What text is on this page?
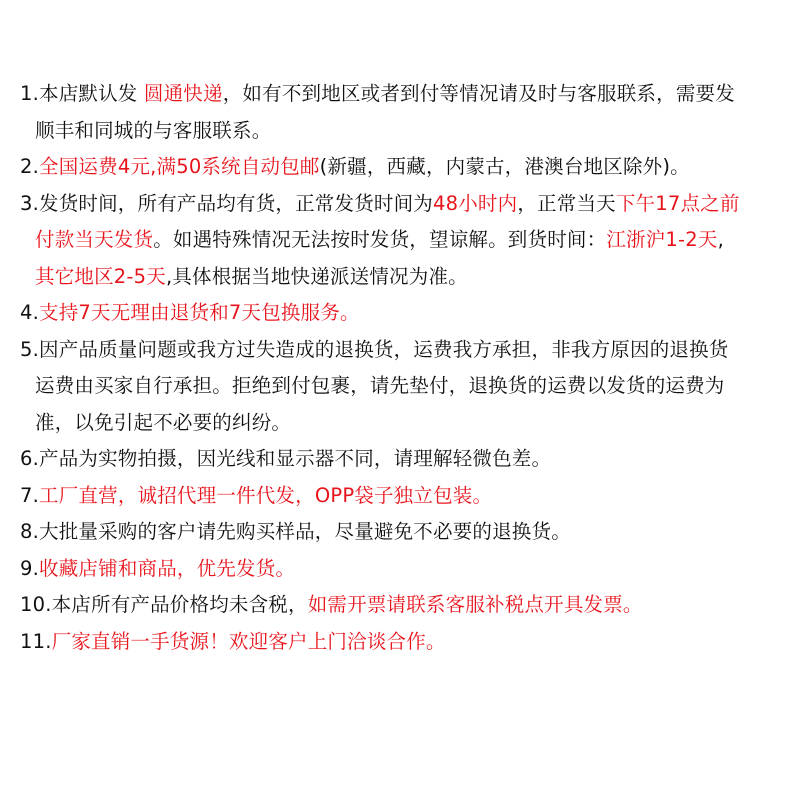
1.本店默认发 圆通快递，如有不到地区或者到付等情况请及时与客服联系，需要发
顺丰和同城的与客服联系。
2.全国运费4元,满50系统自动包邮(新疆，西藏，内蒙古，港澳台地区除外)。
3.发货时间，所有产品均有货，正常发货时间为48小时内，正常当天下午17点之前
付款当天发货。如遇特殊情况无法按时发货，望谅解。到货时间：江浙沪1-2天,
其它地区2-5天,具体根据当地快递派送情况为准。
4.支持7天无理由退货和7天包换服务。
5.因产品质量问题或我方过失造成的退换货，运费我方承担，非我方原因的退换货
运费由买家自行承担。拒绝到付包裹，请先垫付，退换货的运费以发货的运费为
准，以免引起不必要的纠纷。
6.产品为实物拍摄，因光线和显示器不同，请理解轻微色差。
7.工厂直营，诚招代理一件代发，OPP袋子独立包装。
8.大批量采购的客户请先购买样品，尽量避免不必要的退换货。
9.收藏店铺和商品，优先发货。
10.本店所有产品价格均未含税，如需开票请联系客服补税点开具发票。
11.厂家直销一手货源！欢迎客户上门洽谈合作。
